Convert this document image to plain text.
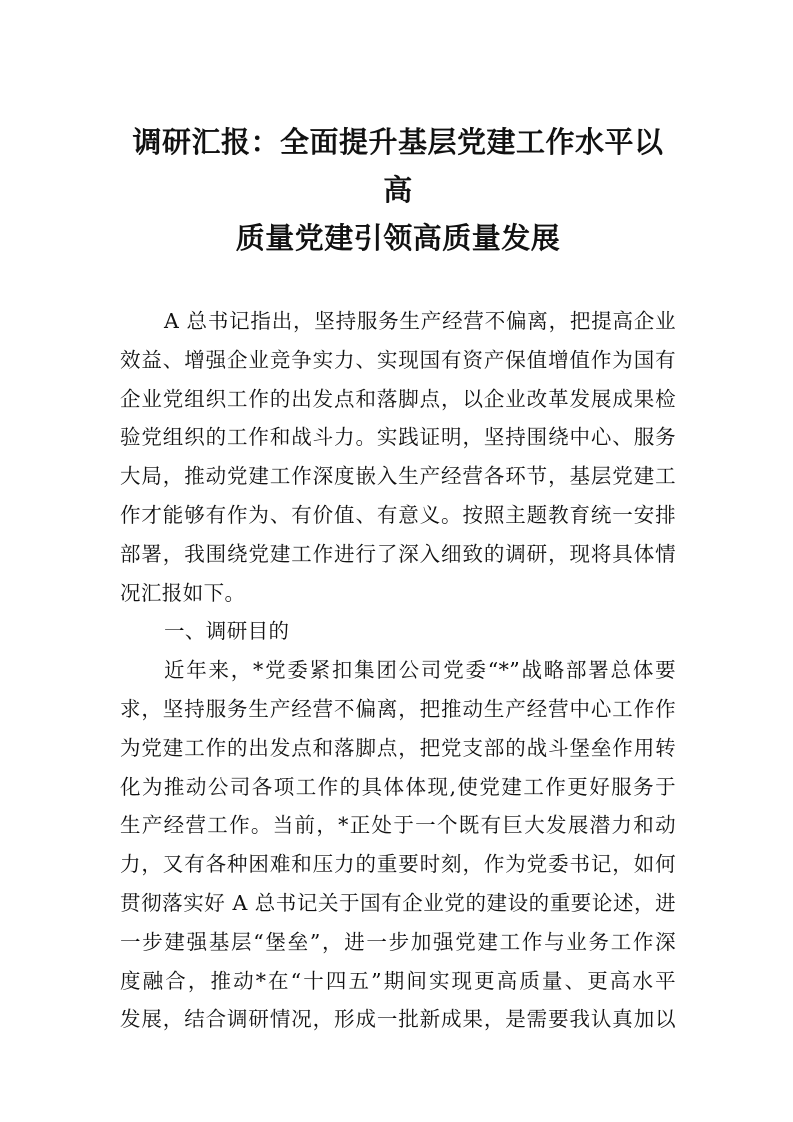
调研汇报：全面提升基层党建工作水平以高
质量党建引领高质量发展
A 总书记指出，坚持服务生产经营不偏离，把提高企业
效益、增强企业竞争实力、实现国有资产保值增值作为国有
企业党组织工作的出发点和落脚点，以企业改革发展成果检
验党组织的工作和战斗力。实践证明，坚持围绕中心、服务
大局，推动党建工作深度嵌入生产经营各环节，基层党建工
作才能够有作为、有价值、有意义。按照主题教育统一安排
部署，我围绕党建工作进行了深入细致的调研，现将具体情
况汇报如下。

一、调研目的

近年来，*党委紧扣集团公司党委“*”战略部署总体要
求，坚持服务生产经营不偏离，把推动生产经营中心工作作
为党建工作的出发点和落脚点，把党支部的战斗堡垒作用转
化为推动公司各项工作的具体体现,使党建工作更好服务于
生产经营工作。当前，*正处于一个既有巨大发展潜力和动
力，又有各种困难和压力的重要时刻，作为党委书记，如何
贯彻落实好 A 总书记关于国有企业党的建设的重要论述，进
一步建强基层“堡垒”，进一步加强党建工作与业务工作深
度融合，推动*在“十四五”期间实现更高质量、更高水平
发展，结合调研情况，形成一批新成果，是需要我认真加以
